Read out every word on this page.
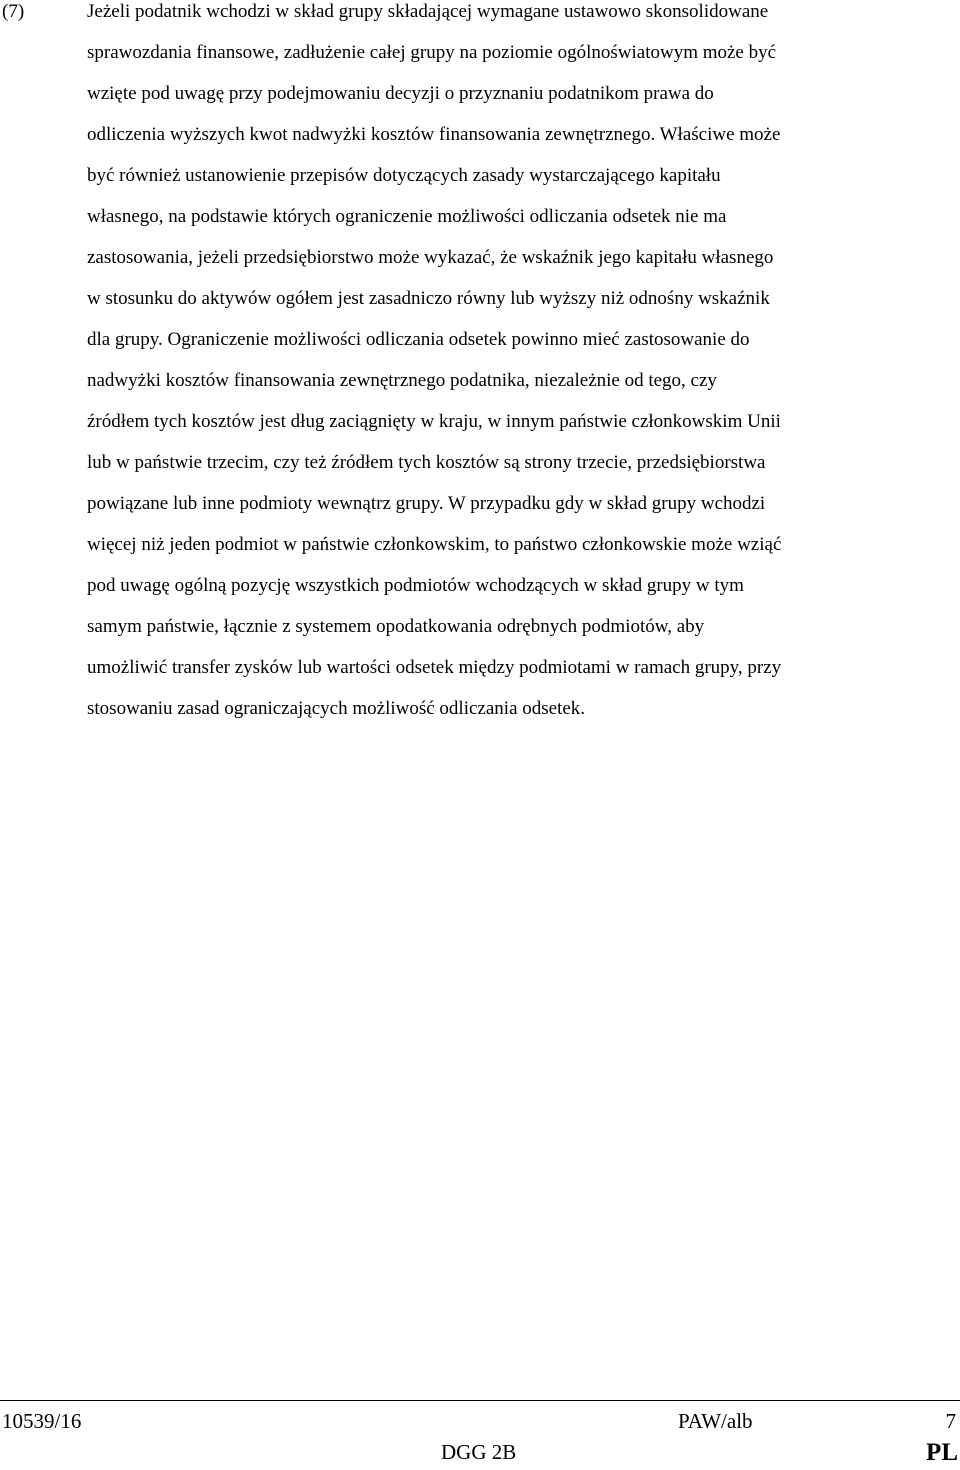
(7)	Jeżeli podatnik wchodzi w skład grupy składającej wymagane ustawowo skonsolidowane
sprawozdania finansowe, zadłużenie całej grupy na poziomie ogólnoświatowym może być
wzięte pod uwagę przy podejmowaniu decyzji o przyznaniu podatnikom prawa do
odliczenia wyższych kwot nadwyżki kosztów finansowania zewnętrznego. Właściwe może
być również ustanowienie przepisów dotyczących zasady wystarczającego kapitału
własnego, na podstawie których ograniczenie możliwości odliczania odsetek nie ma
zastosowania, jeżeli przedsiębiorstwo może wykazać, że wskaźnik jego kapitału własnego
w stosunku do aktywów ogółem jest zasadniczo równy lub wyższy niż odnośny wskaźnik
dla grupy. Ograniczenie możliwości odliczania odsetek powinno mieć zastosowanie do
nadwyżki kosztów finansowania zewnętrznego podatnika, niezależnie od tego, czy
źródłem tych kosztów jest dług zaciągnięty w kraju, w innym państwie członkowskim Unii
lub w państwie trzecim, czy też źródłem tych kosztów są strony trzecie, przedsiębiorstwa
powiązane lub inne podmioty wewnątrz grupy. W przypadku gdy w skład grupy wchodzi
więcej niż jeden podmiot w państwie członkowskim, to państwo członkowskie może wziąć
pod uwagę ogólną pozycję wszystkich podmiotów wchodzących w skład grupy w tym
samym państwie, łącznie z systemem opodatkowania odrębnych podmiotów, aby
umożliwić transfer zysków lub wartości odsetek między podmiotami w ramach grupy, przy
stosowaniu zasad ograniczających możliwość odliczania odsetek.
10539/16	PAW/alb	7
DGG 2B	PL
